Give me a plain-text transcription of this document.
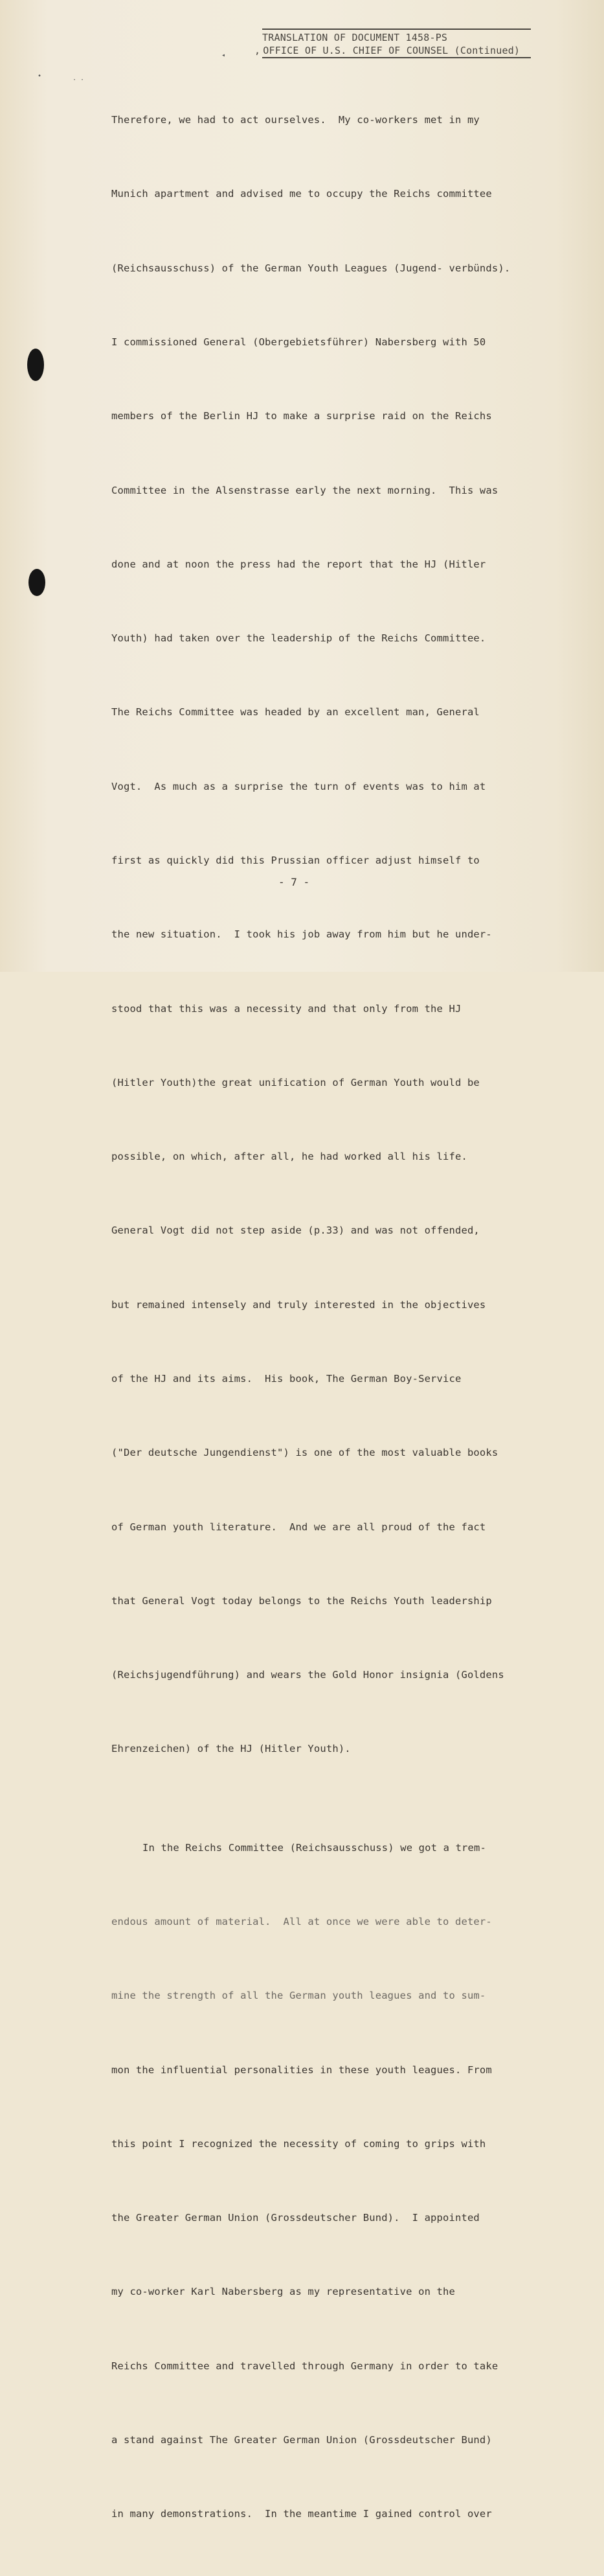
TRANSLATION OF DOCUMENT 1458-PS
, OFFICE OF U.S. CHIEF OF COUNSEL (Continued)
•
· ·
◂

Therefore, we had to act ourselves.  My co-workers met in my

Munich apartment and advised me to occupy the Reichs committee

(Reichsausschuss) of the German Youth Leagues (Jugend- verbünds).

I commissioned General (Obergebietsführer) Nabersberg with 50

members of the Berlin HJ to make a surprise raid on the Reichs

Committee in the Alsenstrasse early the next morning.  This was

done and at noon the press had the report that the HJ (Hitler

Youth) had taken over the leadership of the Reichs Committee.

The Reichs Committee was headed by an excellent man, General

Vogt.  As much as a surprise the turn of events was to him at

first as quickly did this Prussian officer adjust himself to

the new situation.  I took his job away from him but he under-

stood that this was a necessity and that only from the HJ

(Hitler Youth)the great unification of German Youth would be

possible, on which, after all, he had worked all his life.

General Vogt did not step aside (p.33) and was not offended,

but remained intensely and truly interested in the objectives

of the HJ and its aims.  His book, The German Boy-Service

("Der deutsche Jungendienst") is one of the most valuable books

of German youth literature.  And we are all proud of the fact

that General Vogt today belongs to the Reichs Youth leadership

(Reichsjugendführung) and wears the Gold Honor insignia (Goldens

Ehrenzeichen) of the HJ (Hitler Youth).

In the Reichs Committee (Reichsausschuss) we got a trem-

endous amount of material.  All at once we were able to deter-

mine the strength of all the German youth leagues and to sum-

mon the influential personalities in these youth leagues. From

this point I recognized the necessity of coming to grips with

the Greater German Union (Grossdeutscher Bund).  I appointed

my co-worker Karl Nabersberg as my representative on the

Reichs Committee and travelled through Germany in order to take

a stand against The Greater German Union (Grossdeutscher Bund)

in many demonstrations.  In the meantime I gained control over

- 7 -
